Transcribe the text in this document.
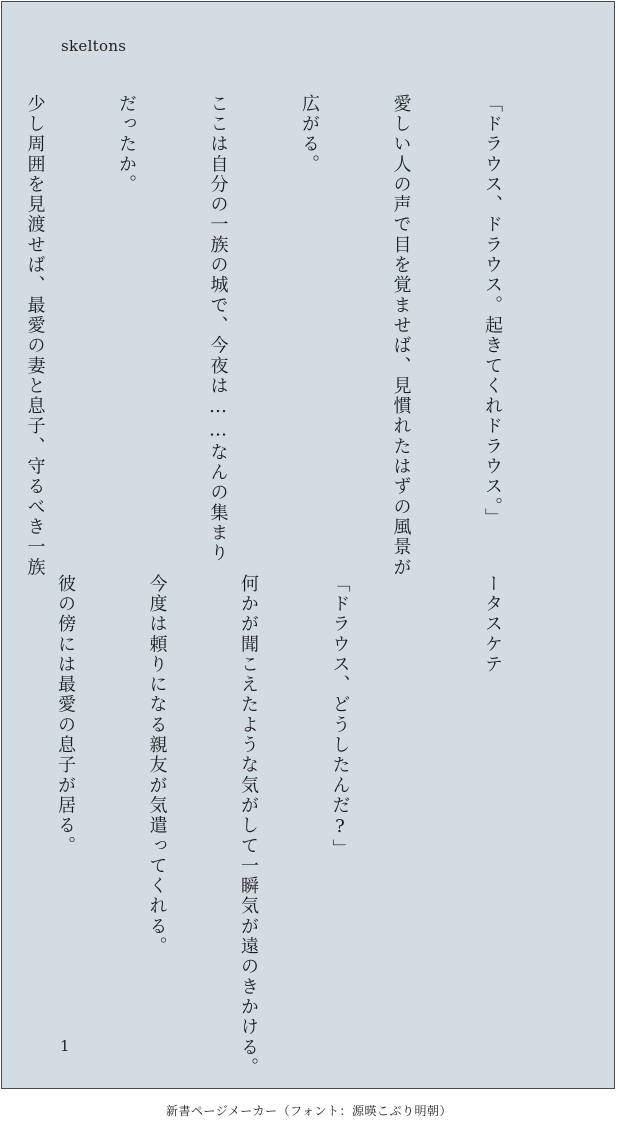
skeltons

「ドラウス、ドラウス。起きてくれドラウス。」

愛しい人の声で目を覚ませば、見慣れたはずの風景が

広がる。

ここは自分の一族の城で、今夜は……なんの集まり

だったか。

少し周囲を見渡せば、最愛の妻と息子、守るべき一族

ータスケテ

「ドラウス、どうしたんだ?」

何かが聞こえたような気がして一瞬気が遠のきかける。

今度は頼りになる親友が気遣ってくれる。

彼の傍には最愛の息子が居る。

1
新書ページメーカー（フォント：源暎こぶり明朝）
